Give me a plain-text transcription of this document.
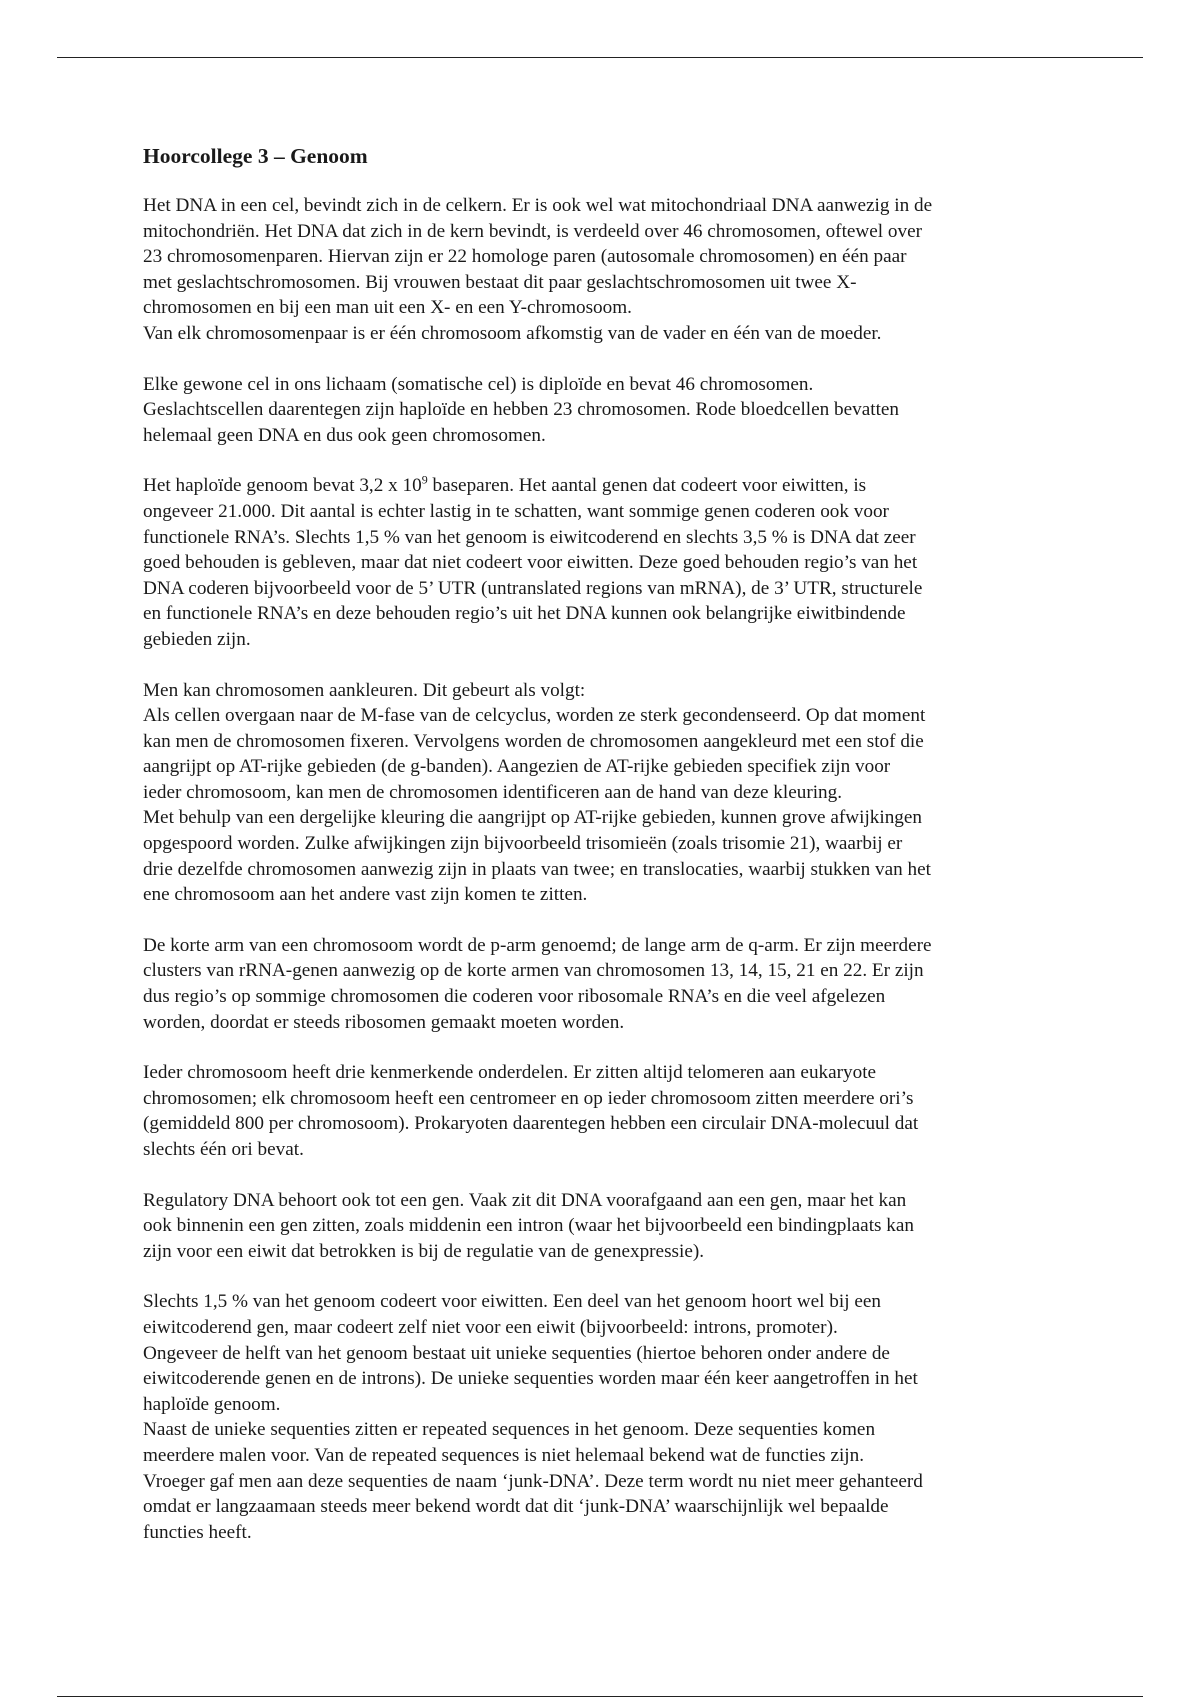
Hoorcollege 3 – Genoom
Het DNA in een cel, bevindt zich in de celkern. Er is ook wel wat mitochondriaal DNA aanwezig in de
mitochondriën. Het DNA dat zich in de kern bevindt, is verdeeld over 46 chromosomen, oftewel over
23 chromosomenparen. Hiervan zijn er 22 homologe paren (autosomale chromosomen) en één paar
met geslachtschromosomen. Bij vrouwen bestaat dit paar geslachtschromosomen uit twee X-
chromosomen en bij een man uit een X- en een Y-chromosoom.
Van elk chromosomenpaar is er één chromosoom afkomstig van de vader en één van de moeder.
Elke gewone cel in ons lichaam (somatische cel) is diploïde en bevat 46 chromosomen.
Geslachtscellen daarentegen zijn haploïde en hebben 23 chromosomen. Rode bloedcellen bevatten
helemaal geen DNA en dus ook geen chromosomen.
Het haploïde genoom bevat 3,2 x $10^9$ baseparen. Het aantal genen dat codeert voor eiwitten, is
ongeveer 21.000. Dit aantal is echter lastig in te schatten, want sommige genen coderen ook voor
functionele RNA’s. Slechts 1,5 % van het genoom is eiwitcoderend en slechts 3,5 % is DNA dat zeer
goed behouden is gebleven, maar dat niet codeert voor eiwitten. Deze goed behouden regio’s van het
DNA coderen bijvoorbeeld voor de 5’ UTR (untranslated regions van mRNA), de 3’ UTR, structurele
en functionele RNA’s en deze behouden regio’s uit het DNA kunnen ook belangrijke eiwitbindende
gebieden zijn.
Men kan chromosomen aankleuren. Dit gebeurt als volgt:
Als cellen overgaan naar de M-fase van de celcyclus, worden ze sterk gecondenseerd. Op dat moment
kan men de chromosomen fixeren. Vervolgens worden de chromosomen aangekleurd met een stof die
aangrijpt op AT-rijke gebieden (de g-banden). Aangezien de AT-rijke gebieden specifiek zijn voor
ieder chromosoom, kan men de chromosomen identificeren aan de hand van deze kleuring.
Met behulp van een dergelijke kleuring die aangrijpt op AT-rijke gebieden, kunnen grove afwijkingen
opgespoord worden. Zulke afwijkingen zijn bijvoorbeeld trisomieën (zoals trisomie 21), waarbij er
drie dezelfde chromosomen aanwezig zijn in plaats van twee; en translocaties, waarbij stukken van het
ene chromosoom aan het andere vast zijn komen te zitten.
De korte arm van een chromosoom wordt de p-arm genoemd; de lange arm de q-arm. Er zijn meerdere
clusters van rRNA-genen aanwezig op de korte armen van chromosomen 13, 14, 15, 21 en 22. Er zijn
dus regio’s op sommige chromosomen die coderen voor ribosomale RNA’s en die veel afgelezen
worden, doordat er steeds ribosomen gemaakt moeten worden.
Ieder chromosoom heeft drie kenmerkende onderdelen. Er zitten altijd telomeren aan eukaryote
chromosomen; elk chromosoom heeft een centromeer en op ieder chromosoom zitten meerdere ori’s
(gemiddeld 800 per chromosoom). Prokaryoten daarentegen hebben een circulair DNA-molecuul dat
slechts één ori bevat.
Regulatory DNA behoort ook tot een gen. Vaak zit dit DNA voorafgaand aan een gen, maar het kan
ook binnenin een gen zitten, zoals middenin een intron (waar het bijvoorbeeld een bindingplaats kan
zijn voor een eiwit dat betrokken is bij de regulatie van de genexpressie).
Slechts 1,5 % van het genoom codeert voor eiwitten. Een deel van het genoom hoort wel bij een
eiwitcoderend gen, maar codeert zelf niet voor een eiwit (bijvoorbeeld: introns, promoter).
Ongeveer de helft van het genoom bestaat uit unieke sequenties (hiertoe behoren onder andere de
eiwitcoderende genen en de introns). De unieke sequenties worden maar één keer aangetroffen in het
haploïde genoom.
Naast de unieke sequenties zitten er repeated sequences in het genoom. Deze sequenties komen
meerdere malen voor. Van de repeated sequences is niet helemaal bekend wat de functies zijn.
Vroeger gaf men aan deze sequenties de naam ‘junk-DNA’. Deze term wordt nu niet meer gehanteerd
omdat er langzaamaan steeds meer bekend wordt dat dit ‘junk-DNA’ waarschijnlijk wel bepaalde
functies heeft.
